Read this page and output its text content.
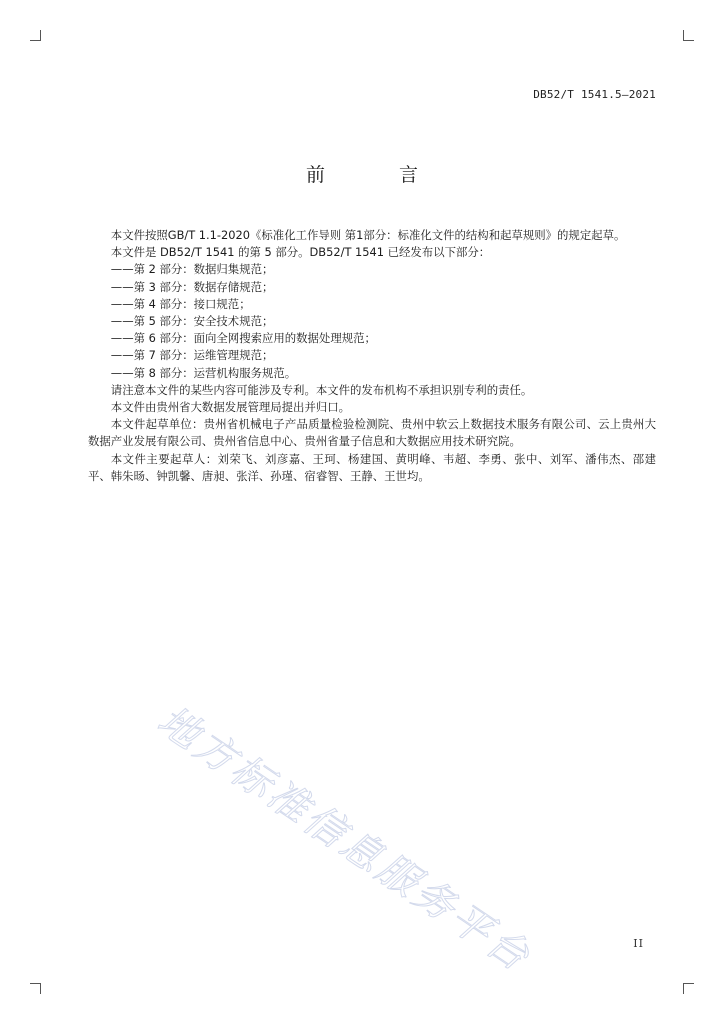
DB52/T 1541.5—2021
前 言

本文件按照GB/T 1.1-2020《标准化工作导则 第1部分：标准化文件的结构和起草规则》的规定起草。

本文件是 DB52/T 1541 的第 5 部分。DB52/T 1541 已经发布以下部分：

——第 2 部分：数据归集规范；
——第 3 部分：数据存储规范；
——第 4 部分：接口规范；
——第 5 部分：安全技术规范；
——第 6 部分：面向全网搜索应用的数据处理规范；
——第 7 部分：运维管理规范；
——第 8 部分：运营机构服务规范。

请注意本文件的某些内容可能涉及专利。本文件的发布机构不承担识别专利的责任。

本文件由贵州省大数据发展管理局提出并归口。

本文件起草单位：贵州省机械电子产品质量检验检测院、贵州中软云上数据技术服务有限公司、云上贵州大数据产业发展有限公司、贵州省信息中心、贵州省量子信息和大数据应用技术研究院。

本文件主要起草人：刘荣飞、刘彦嘉、王珂、杨建国、黄明峰、韦超、李勇、张中、刘军、潘伟杰、邵建平、韩朱旸、钟凯馨、唐昶、张洋、孙瑾、宿睿智、王静、王世均。

地方标准信息服务平台	II
